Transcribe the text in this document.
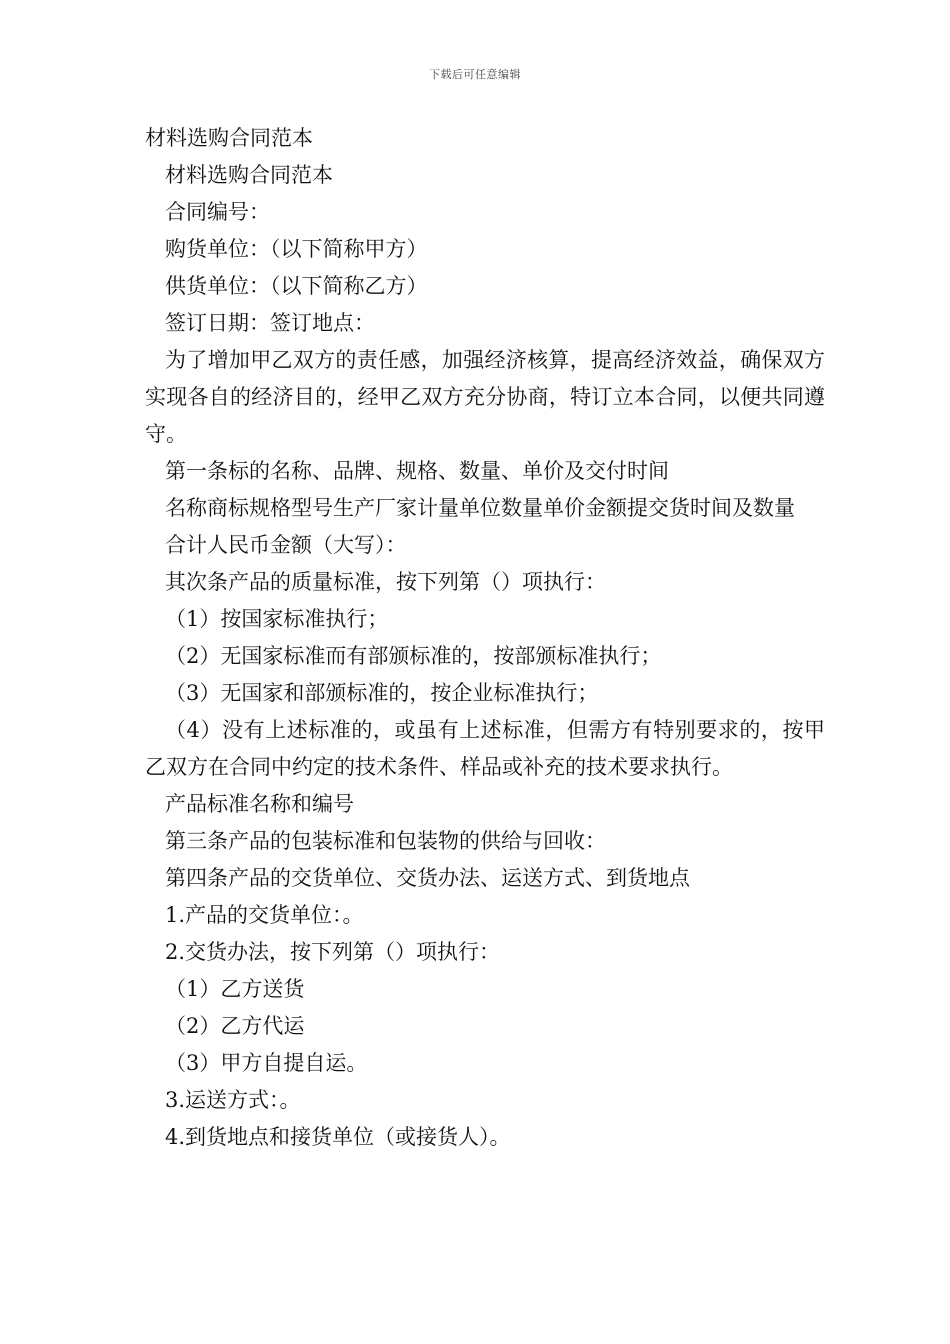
下载后可任意编辑

材料选购合同范本

材料选购合同范本

合同编号：

购货单位：（以下简称甲方）

供货单位：（以下简称乙方）

签订日期：签订地点：

为了增加甲乙双方的责任感，加强经济核算，提高经济效益，确保双方实现各自的经济目的，经甲乙双方充分协商，特订立本合同，以便共同遵守。

第一条标的名称、品牌、规格、数量、单价及交付时间

名称商标规格型号生产厂家计量单位数量单价金额提交货时间及数量

合计人民币金额（大写）：

其次条产品的质量标准，按下列第（）项执行：

（1）按国家标准执行；

（2）无国家标准而有部颁标准的，按部颁标准执行；

（3）无国家和部颁标准的，按企业标准执行；

（4）没有上述标准的，或虽有上述标准，但需方有特别要求的，按甲乙双方在合同中约定的技术条件、样品或补充的技术要求执行。

产品标准名称和编号

第三条产品的包装标准和包装物的供给与回收：

第四条产品的交货单位、交货办法、运送方式、到货地点

1.产品的交货单位：。

2.交货办法，按下列第（）项执行：

（1）乙方送货

（2）乙方代运

（3）甲方自提自运。

3.运送方式：。

4.到货地点和接货单位（或接货人）。
